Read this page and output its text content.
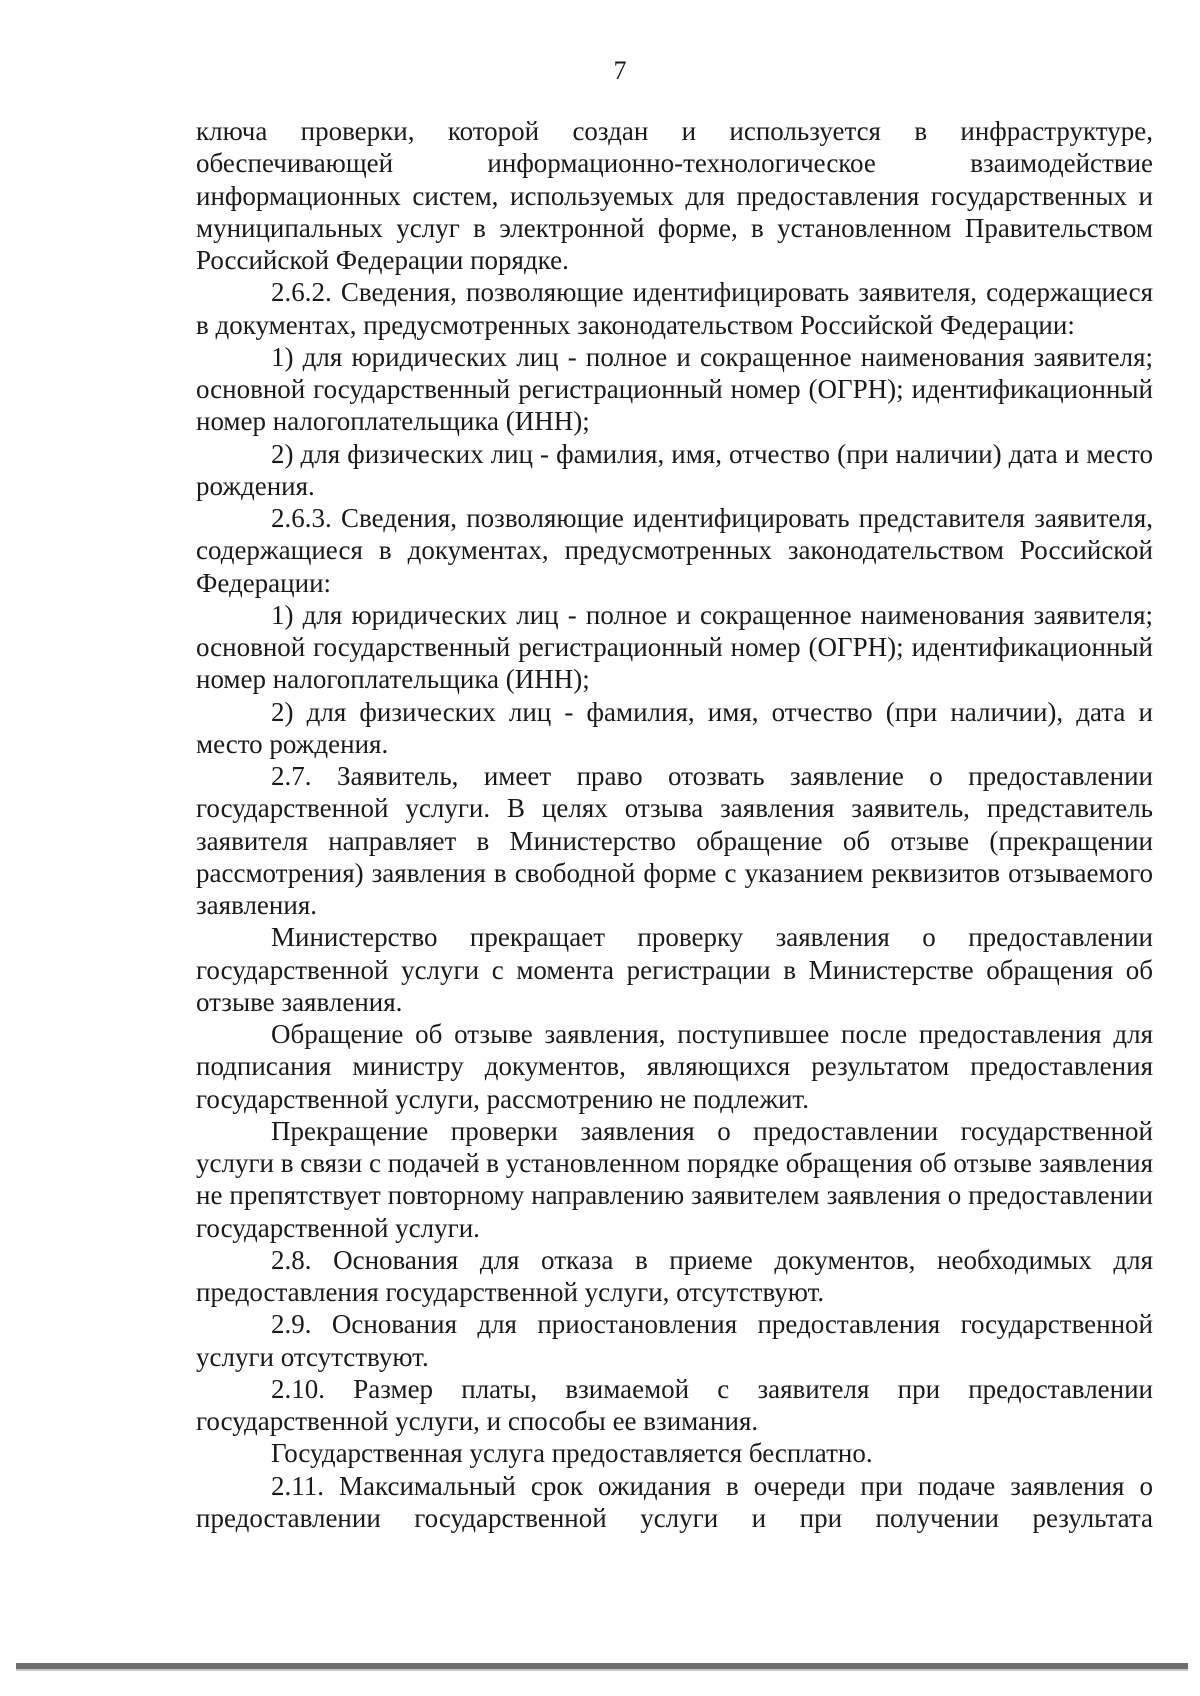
7

ключа проверки, которой создан и используется в инфраструктуре, обеспечивающей информационно-технологическое взаимодействие информационных систем, используемых для предоставления государственных и муниципальных услуг в электронной форме, в установленном Правительством Российской Федерации порядке.

2.6.2. Сведения, позволяющие идентифицировать заявителя, содержащиеся в документах, предусмотренных законодательством Российской Федерации:

1) для юридических лиц - полное и сокращенное наименования заявителя; основной государственный регистрационный номер (ОГРН); идентификационный номер налогоплательщика (ИНН);

2) для физических лиц - фамилия, имя, отчество (при наличии) дата и место рождения.

2.6.3. Сведения, позволяющие идентифицировать представителя заявителя, содержащиеся в документах, предусмотренных законодательством Российской Федерации:

1) для юридических лиц - полное и сокращенное наименования заявителя; основной государственный регистрационный номер (ОГРН); идентификационный номер налогоплательщика (ИНН);

2) для физических лиц - фамилия, имя, отчество (при наличии), дата и место рождения.

2.7. Заявитель, имеет право отозвать заявление о предоставлении государственной услуги. В целях отзыва заявления заявитель, представитель заявителя направляет в Министерство обращение об отзыве (прекращении рассмотрения) заявления в свободной форме с указанием реквизитов отзываемого заявления.

Министерство прекращает проверку заявления о предоставлении государственной услуги с момента регистрации в Министерстве обращения об отзыве заявления.

Обращение об отзыве заявления, поступившее после предоставления для подписания министру документов, являющихся результатом предоставления государственной услуги, рассмотрению не подлежит.

Прекращение проверки заявления о предоставлении государственной услуги в связи с подачей в установленном порядке обращения об отзыве заявления не препятствует повторному направлению заявителем заявления о предоставлении государственной услуги.

2.8. Основания для отказа в приеме документов, необходимых для предоставления государственной услуги, отсутствуют.

2.9. Основания для приостановления предоставления государственной услуги отсутствуют.

2.10. Размер платы, взимаемой с заявителя при предоставлении государственной услуги, и способы ее взимания.

Государственная услуга предоставляется бесплатно.

2.11. Максимальный срок ожидания в очереди при подаче заявления о предоставлении государственной услуги и при получении результата
